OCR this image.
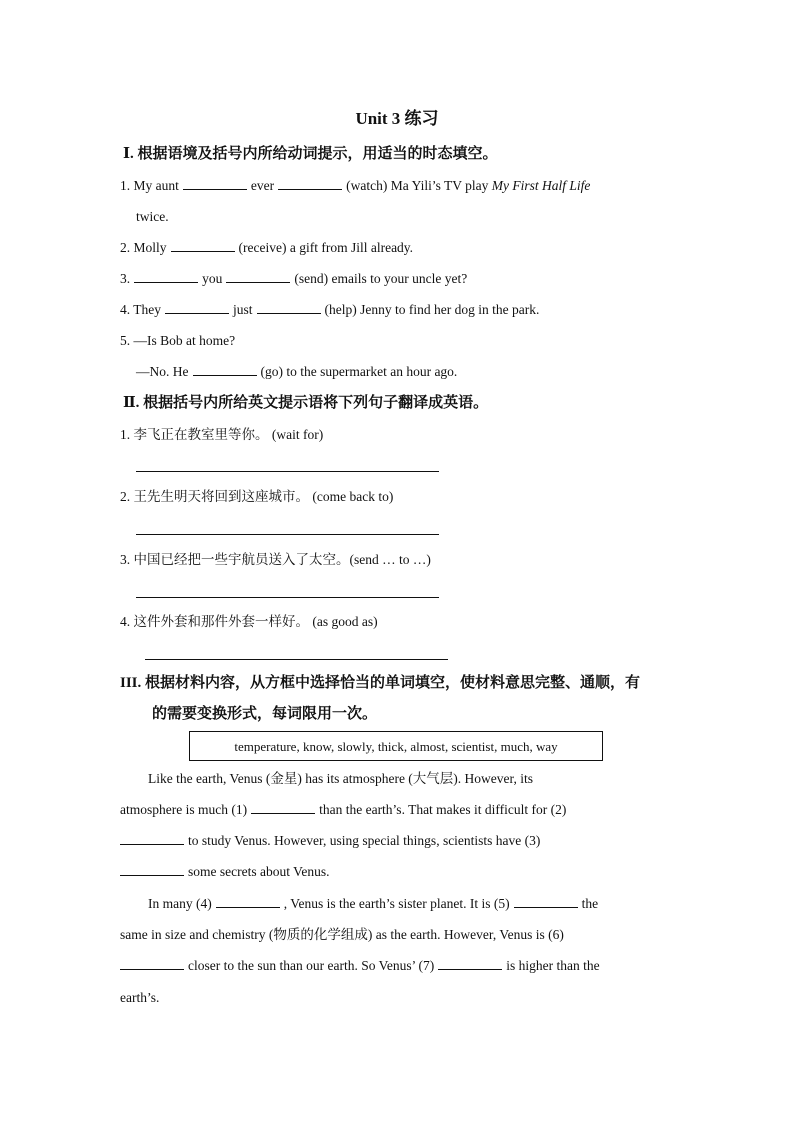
Unit 3 练习
Ⅰ. 根据语境及括号内所给动词提示，用适当的时态填空。
1. My aunt	ever	(watch) Ma Yili’s TV play My First Half Life
twice.
2. Molly	(receive) a gift from Jill already.
3.	you	(send) emails to your uncle yet?
4. They	just	(help) Jenny to find her dog in the park.
5. —Is Bob at home?
—No. He	(go) to the supermarket an hour ago.
Ⅱ. 根据括号内所给英文提示语将下列句子翻译成英语。
1. 李飞正在教室里等你。 (wait for)
2. 王先生明天将回到这座城市。 (come back to)
3. 中国已经把一些宇航员送入了太空。(send … to …)
4. 这件外套和那件外套一样好。 (as good as)
III. 根据材料内容，从方框中选择恰当的单词填空，使材料意思完整、通顺，有
的需要变换形式，每词限用一次。
temperature, know, slowly, thick, almost, scientist, much, way
Like the earth, Venus (金星) has its atmosphere (大气层). However, its
atmosphere is much (1)	than the earth’s. That makes it difficult for (2)
to study Venus. However, using special things, scientists have (3)
some secrets about Venus.
In many (4)	, Venus is the earth’s sister planet. It is (5)	the
same in size and chemistry (物质的化学组成) as the earth. However, Venus is (6)
closer to the sun than our earth. So Venus’ (7)	is higher than the
earth’s.
